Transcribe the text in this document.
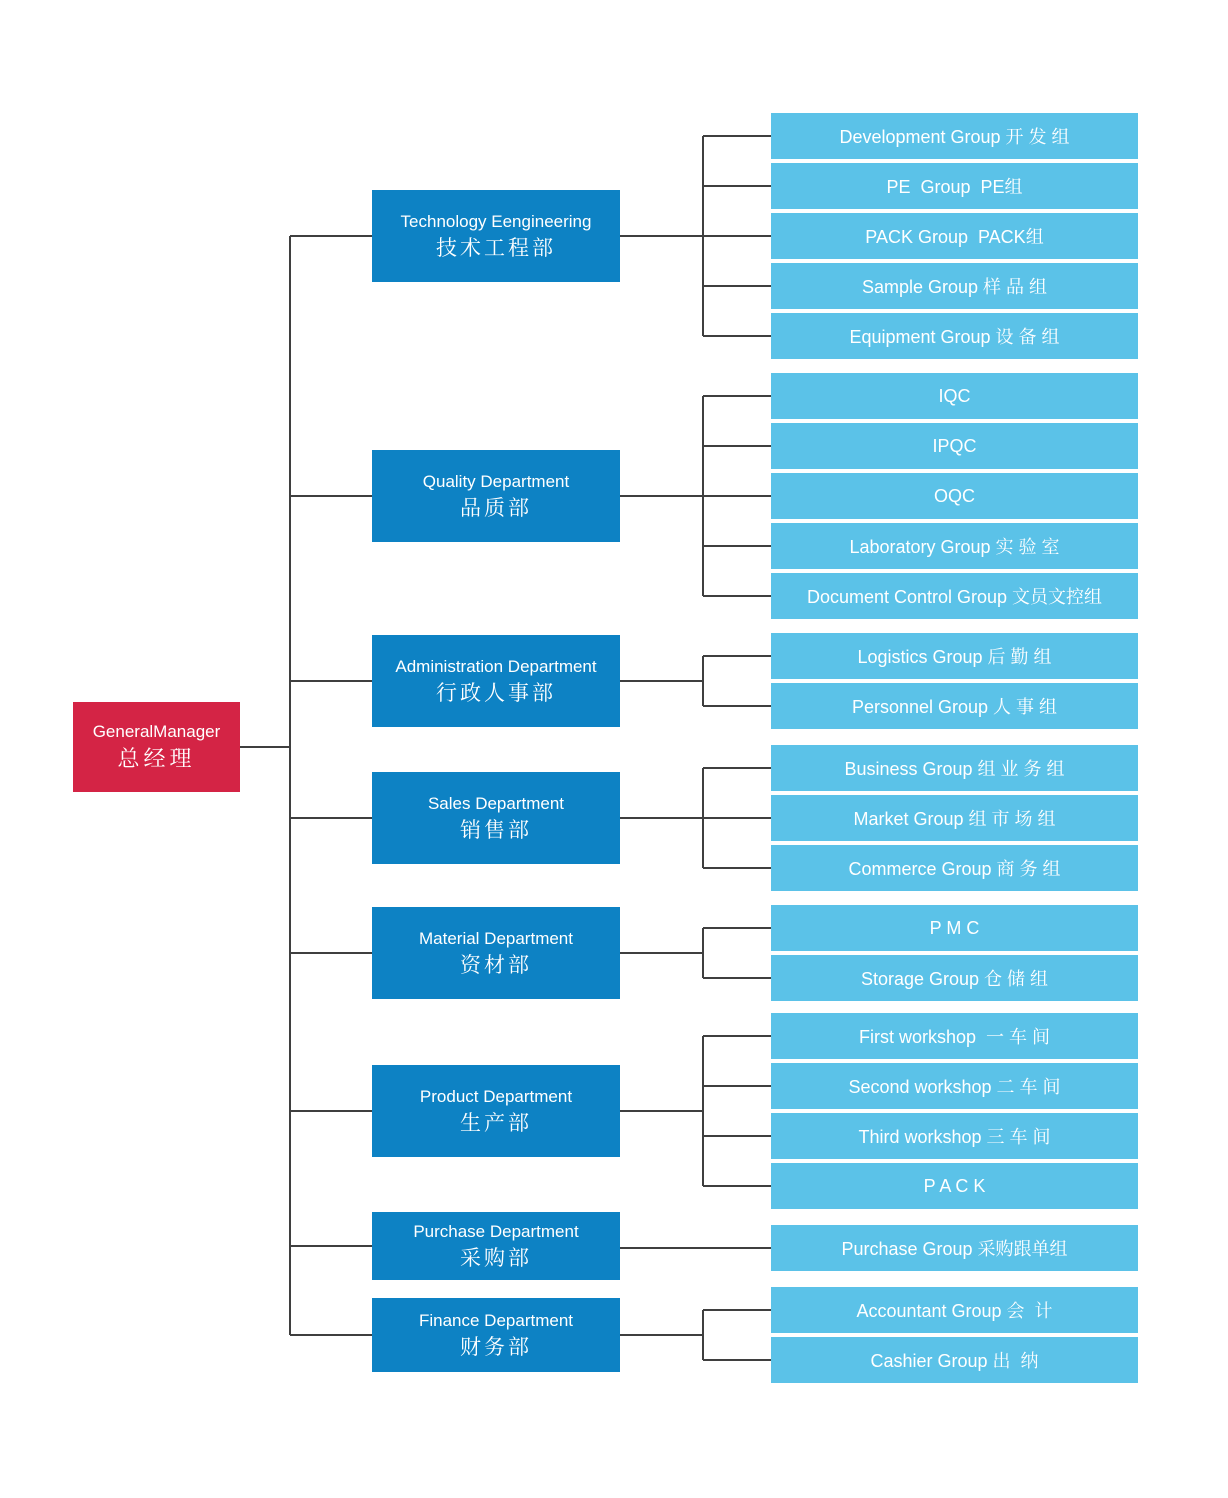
GeneralManager
总经理
Technology Eengineering
技术工程部
Quality Department
品质部
Administration Department
行政人事部
Sales Department
销售部
Material Department
资材部
Product Department
生产部
Purchase Department
采购部
Finance Department
财务部
Development Group 开 发 组
PE  Group  PE组
PACK Group  PACK组
Sample Group 样 品 组
Equipment Group 设 备 组
IQC
IPQC
OQC
Laboratory Group 实 验 室
Document Control Group 文员文控组
Logistics Group 后 勤 组
Personnel Group 人 事 组
Business Group 组 业 务 组
Market Group 组 市 场 组
Commerce Group 商 务 组
P M C
Storage Group 仓 储 组
First workshop  一 车 间
Second workshop 二 车 间
Third workshop 三 车 间
P A C K
Purchase Group 采购跟单组
Accountant Group 会  计
Cashier Group 出  纳
